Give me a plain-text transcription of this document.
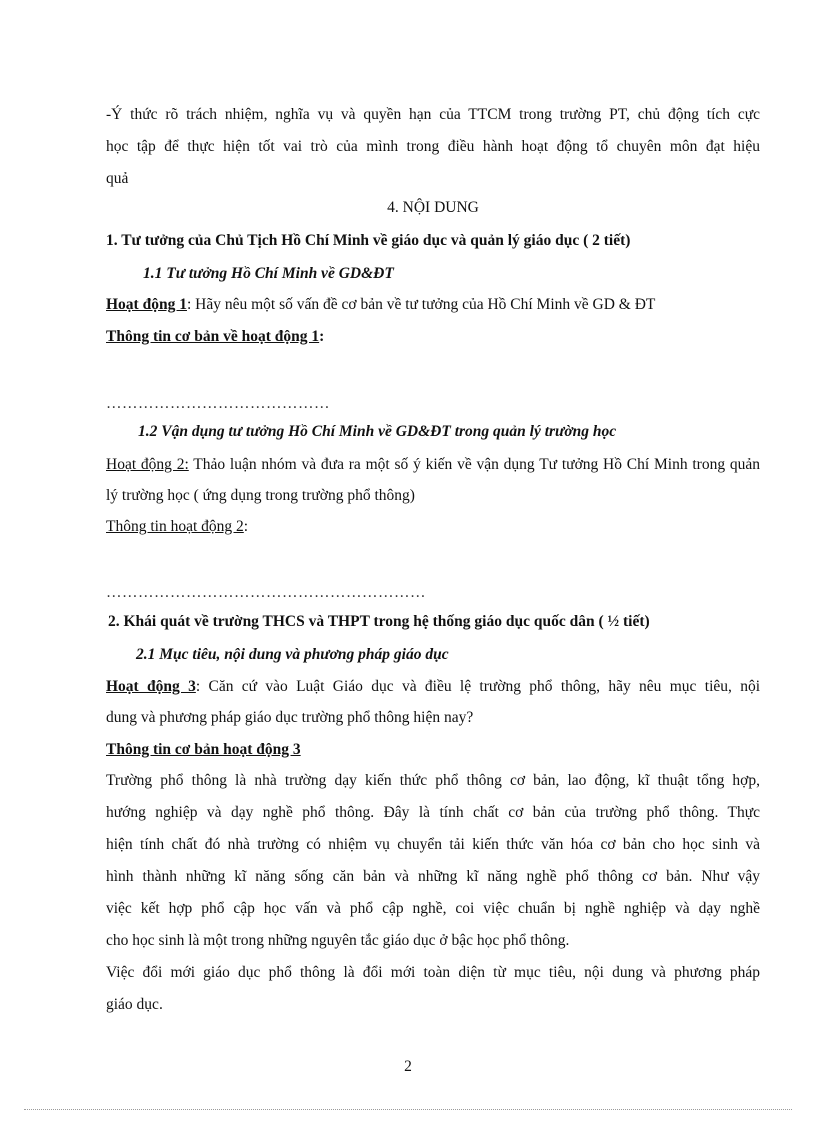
-Ý thức rõ trách nhiệm, nghĩa vụ và quyền hạn của TTCM trong trường PT, chủ động tích cực
học tập để thực hiện tốt vai trò của mình trong điều hành hoạt động tổ chuyên môn đạt hiệu
quả
4. NỘI DUNG
1. Tư tưởng của Chủ Tịch Hồ Chí Minh về giáo dục và quản lý giáo dục ( 2 tiết)
1.1 Tư tưởng Hồ Chí Minh về GD&ĐT
Hoạt động 1: Hãy nêu một số vấn đề cơ bản về tư tưởng của Hồ Chí Minh về GD & ĐT
Thông tin cơ bản về hoạt động 1:
……………………………………
1.2 Vận dụng tư tưởng Hồ Chí Minh về GD&ĐT trong quản lý trường học
Hoạt động 2: Thảo luận nhóm và đưa ra một số ý kiến về vận dụng Tư tưởng Hồ Chí Minh trong quản
lý trường học ( ứng dụng trong trường phổ thông)
Thông tin hoạt động 2:
……………………………………………………
2. Khái quát về trường THCS và THPT trong hệ thống giáo dục quốc dân ( ½ tiết)
2.1 Mục tiêu, nội dung và phương pháp giáo dục
Hoạt động 3: Căn cứ vào Luật Giáo dục và điều lệ trường phổ thông, hãy nêu mục tiêu, nội
dung và phương pháp giáo dục trường phổ thông hiện nay?
Thông tin cơ bản hoạt động 3
Trường phổ thông là nhà trường dạy kiến thức phổ thông cơ bản, lao động, kĩ thuật tổng hợp,
hướng nghiệp và dạy nghề phổ thông. Đây là tính chất cơ bản của trường phổ thông. Thực
hiện tính chất đó nhà trường có nhiệm vụ chuyển tải kiến thức văn hóa cơ bản cho học sinh và
hình thành những kĩ năng sống căn bản và những kĩ năng nghề phổ thông cơ bản. Như vậy
việc kết hợp phổ cập học vấn và phổ cập nghề, coi việc chuẩn bị nghề nghiệp và dạy nghề
cho học sinh là một trong những nguyên tắc giáo dục ở bậc học phổ thông.
Việc đổi mới giáo dục phổ thông là đổi mới toàn diện từ mục tiêu, nội dung và phương pháp
giáo dục.
2
